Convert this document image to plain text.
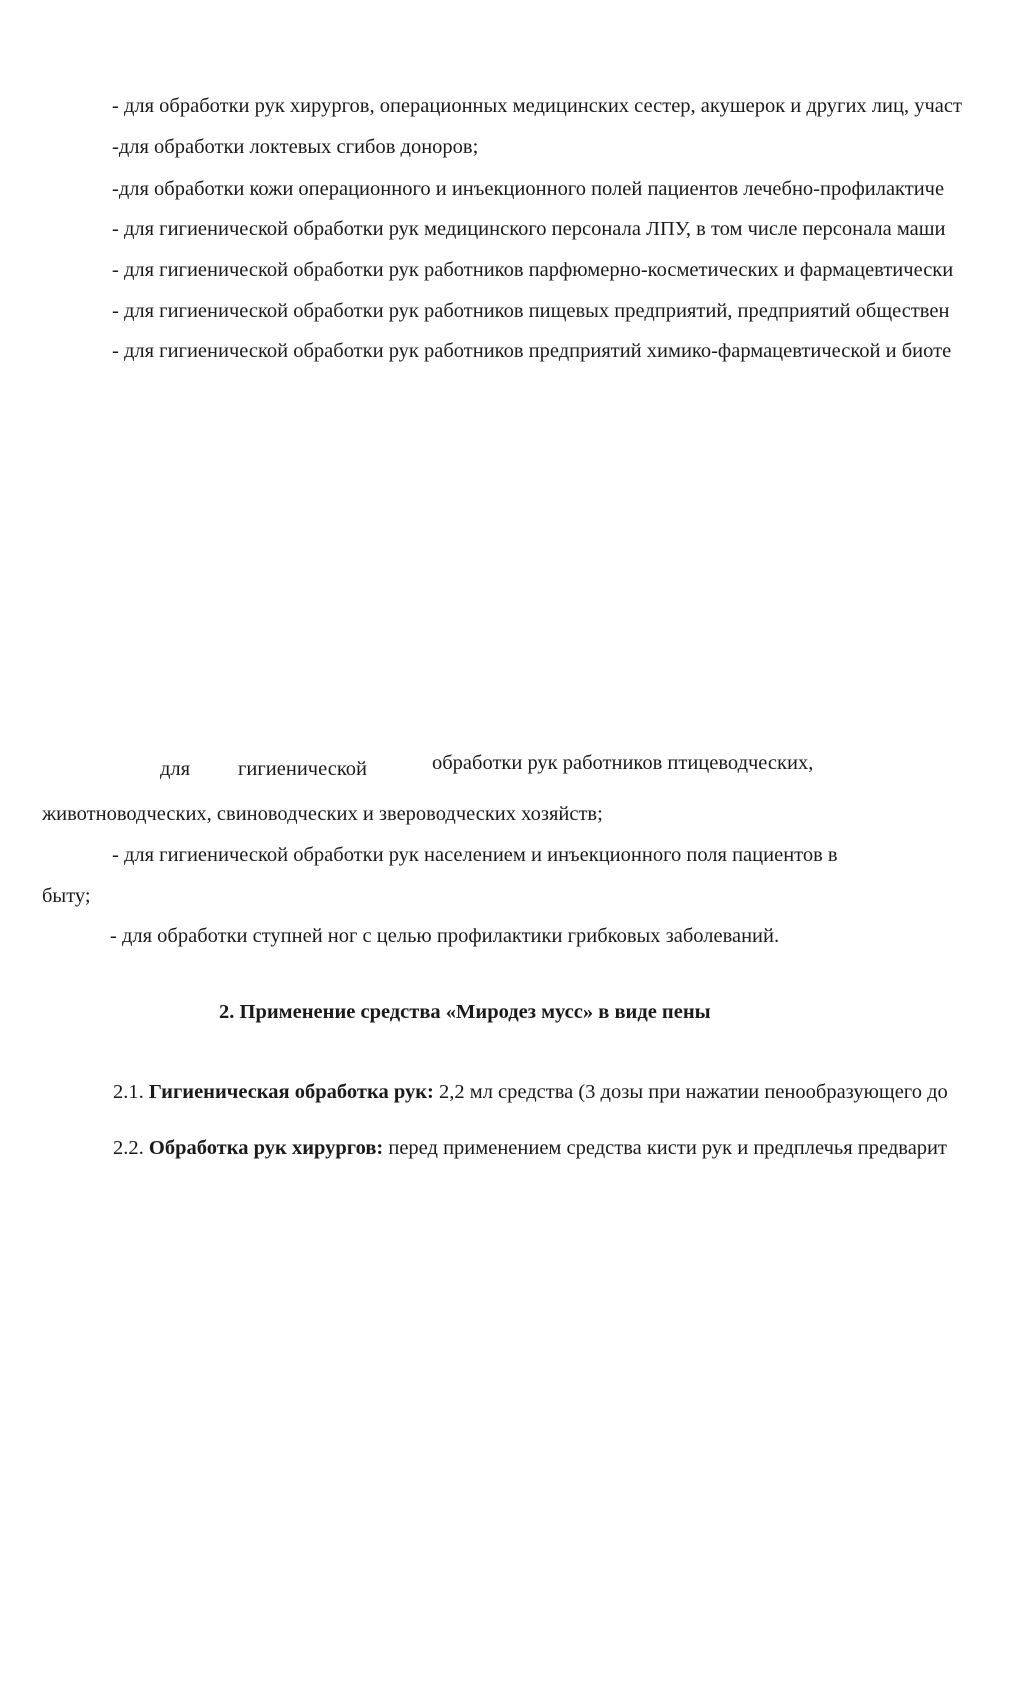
- для обработки рук хирургов, операционных медицинских сестер, акушерок и других лиц, участ
-для обработки локтевых сгибов доноров;
-для обработки кожи операционного и инъекционного полей пациентов лечебно-профилактиче
- для гигиенической обработки рук медицинского персонала ЛПУ, в том числе персонала маши
- для гигиенической обработки рук работников парфюмерно-косметических и фармацевтически
- для гигиенической обработки рук работников пищевых предприятий, предприятий обществен
- для гигиенической обработки рук работников предприятий химико-фармацевтической и биоте
для гигиенической	обработки рук работников птицеводческих,
животноводческих, свиноводческих и звероводческих хозяйств;
- для гигиенической обработки рук населением и инъекционного поля пациентов в
быту;
- для обработки ступней ног с целью профилактики грибковых заболеваний.
2. Применение средства «Миродез мусс» в виде пены
2.1. Гигиеническая обработка рук: 2,2 мл средства (3 дозы при нажатии пенообразующего до
2.2. Обработка рук хирургов: перед применением средства кисти рук и предплечья предварит
